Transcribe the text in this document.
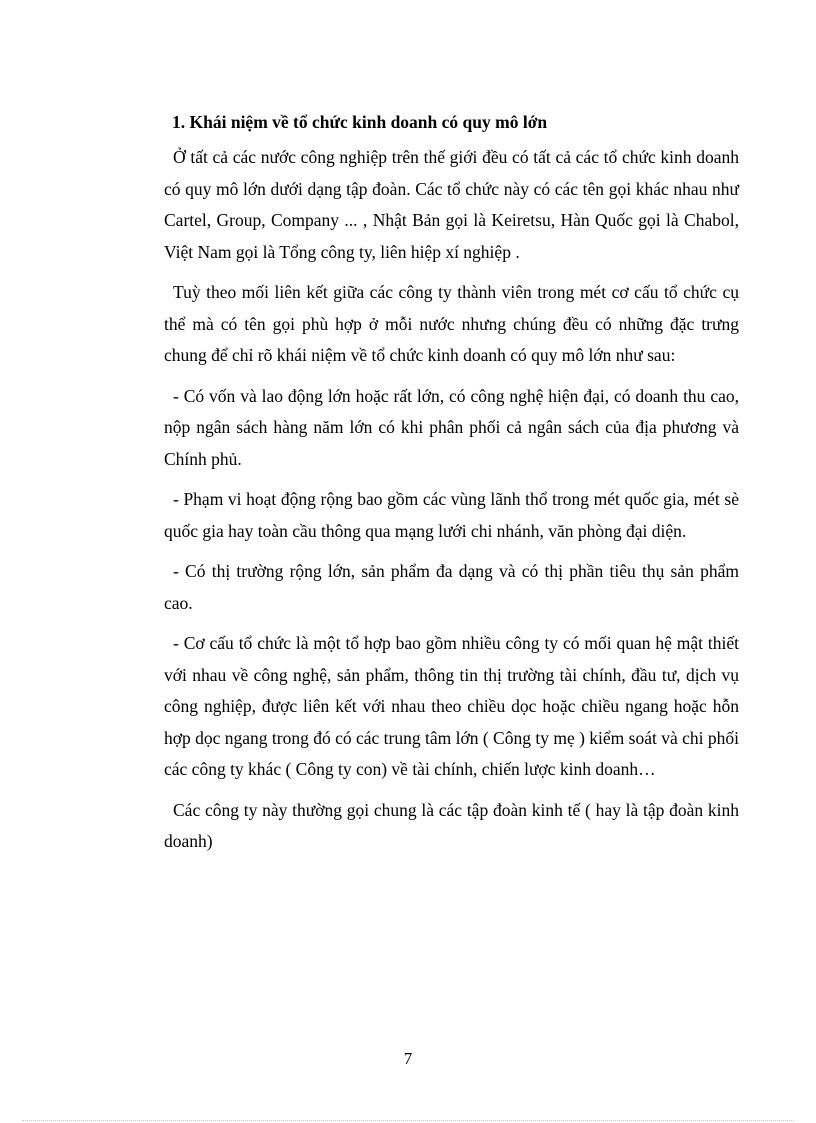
1. Khái niệm về tổ chức kinh doanh có quy mô lớn

Ở tất cả các nước công nghiệp trên thế giới đều có tất cả các tổ chức kinh doanh có quy mô lớn dưới dạng tập đoàn. Các tổ chức này có các tên gọi khác nhau như Cartel, Group, Company ... , Nhật Bản gọi là Keiretsu, Hàn Quốc gọi là Chabol, Việt Nam gọi là Tổng công ty, liên hiệp xí nghiệp .

Tuỳ theo mối liên kết giữa các công ty thành viên trong mét cơ cấu tổ chức cụ thể mà có tên gọi phù hợp ở mỗi nước nhưng chúng đều có những đặc trưng chung để chỉ rõ khái niệm về tổ chức kinh doanh có quy mô lớn như sau:

- Có vốn và lao động lớn hoặc rất lớn, có công nghệ hiện đại, có doanh thu cao, nộp ngân sách hàng năm lớn có khi phân phối cả ngân sách của địa phương và Chính phủ.

- Phạm vi hoạt động rộng bao gồm các vùng lãnh thổ trong mét quốc gia, mét sè quốc gia hay toàn cầu thông qua mạng lưới chi nhánh, văn phòng đại diện.

- Có thị trường rộng lớn, sản phẩm đa dạng và có thị phần tiêu thụ sản phẩm cao.

- Cơ cấu tổ chức là một tổ hợp bao gồm nhiều công ty có mối quan hệ mật thiết với nhau về công nghệ, sản phẩm, thông tin thị trường tài chính, đầu tư, dịch vụ công nghiệp, được liên kết với nhau theo chiều dọc hoặc chiều ngang hoặc hỗn hợp dọc ngang trong đó có các trung tâm lớn ( Công ty mẹ ) kiểm soát và chi phối các công ty khác ( Công ty con) về tài chính, chiến lược kinh doanh…

Các công ty này thường gọi chung là các tập đoàn kinh tế ( hay là tập đoàn kinh doanh)

7
